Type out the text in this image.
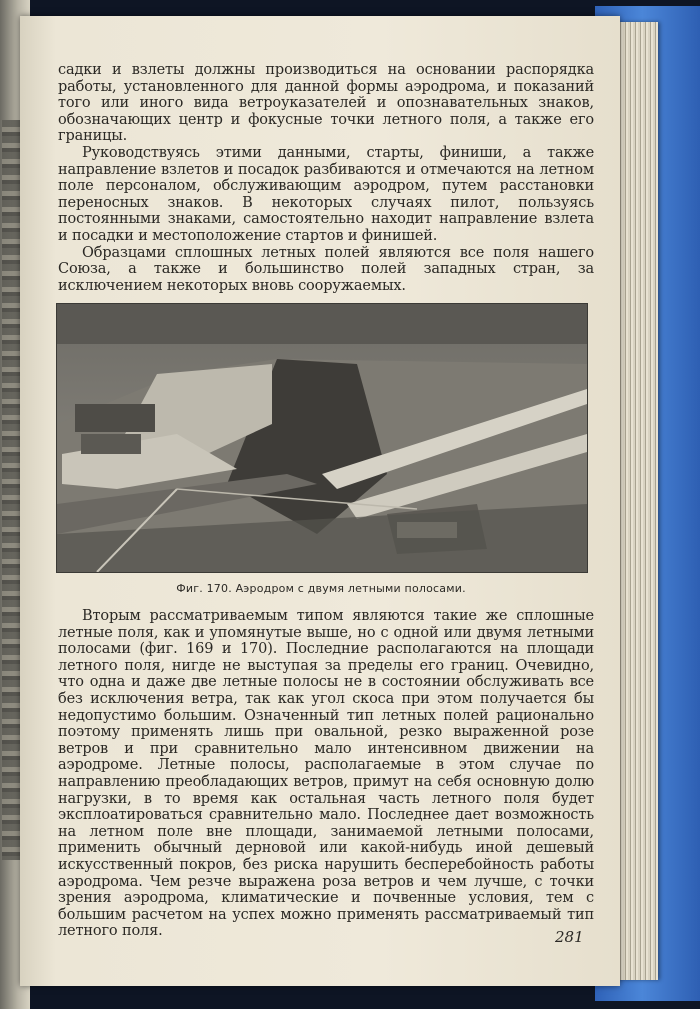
садки и взлеты должны производиться на основании распорядка работы, установленного для данной формы аэродрома, и показаний того или иного вида ветроуказателей и опознавательных знаков, обозначающих центр и фокусные точки летного поля, а также его границы.

Руководствуясь этими данными, старты, финиши, а также направление взлетов и посадок разбиваются и отмечаются на летном поле персоналом, обслуживающим аэродром, путем расстановки переносных знаков. В некоторых случаях пилот, пользуясь постоянными знаками, самостоятельно находит направление взлета и посадки и местоположение стартов и финишей.

Образцами сплошных летных полей являются все поля нашего Союза, а также и большинство полей западных стран, за исключением некоторых вновь сооружаемых.

Фиг. 170. Аэродром с двумя летными полосами.

Вторым рассматриваемым типом являются такие же сплошные летные поля, как и упомянутые выше, но с одной или двумя летными полосами (фиг. 169 и 170). Последние располагаются на площади летного поля, нигде не выступая за пределы его границ. Очевидно, что одна и даже две летные полосы не в состоянии обслуживать все без исключения ветра, так как угол скоса при этом получается бы недопустимо большим. Означенный тип летных полей рационально поэтому применять лишь при овальной, резко выраженной розе ветров и при сравнительно мало интенсивном движении на аэродроме. Летные полосы, располагаемые в этом случае по направлению преобладающих ветров, примут на себя основную долю нагрузки, в то время как остальная часть летного поля будет эксплоатироваться сравнительно мало. Последнее дает возможность на летном поле вне площади, занимаемой летными полосами, применить обычный дерновой или какой-нибудь иной дешевый искусственный покров, без риска нарушить бесперебойность работы аэродрома. Чем резче выражена роза ветров и чем лучше, с точки зрения аэродрома, климатические и почвенные условия, тем с большим расчетом на успех можно применять рассматриваемый тип летного поля.	281
